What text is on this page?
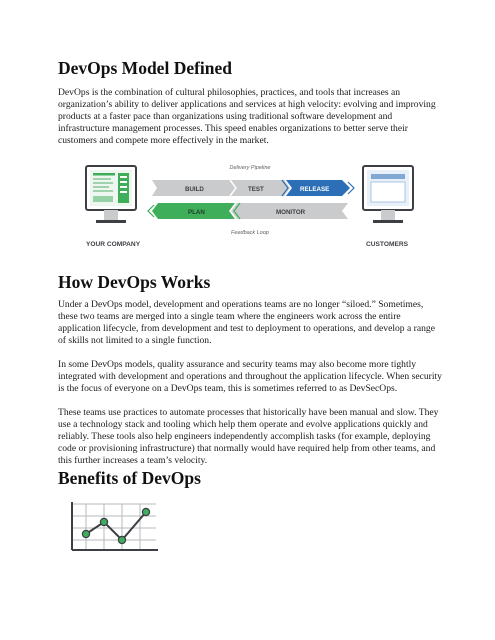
DevOps Model Defined

DevOps is the combination of cultural philosophies, practices, and tools that increases an organization’s ability to deliver applications and services at high velocity: evolving and improving products at a faster pace than organizations using traditional software development and infrastructure management processes. This speed enables organizations to better serve their customers and compete more effectively in the market.

Delivery Pipeline
Feedback Loop
BUILD	TEST	RELEASE
PLAN	MONITOR
YOUR COMPANY	CUSTOMERS
How DevOps Works

Under a DevOps model, development and operations teams are no longer “siloed.” Sometimes, these two teams are merged into a single team where the engineers work across the entire application lifecycle, from development and test to deployment to operations, and develop a range of skills not limited to a single function.

In some DevOps models, quality assurance and security teams may also become more tightly integrated with development and operations and throughout the application lifecycle. When security is the focus of everyone on a DevOps team, this is sometimes referred to as DevSecOps.

These teams use practices to automate processes that historically have been manual and slow. They use a technology stack and tooling which help them operate and evolve applications quickly and reliably. These tools also help engineers independently accomplish tasks (for example, deploying code or provisioning infrastructure) that normally would have required help from other teams, and this further increases a team’s velocity.

Benefits of DevOps
